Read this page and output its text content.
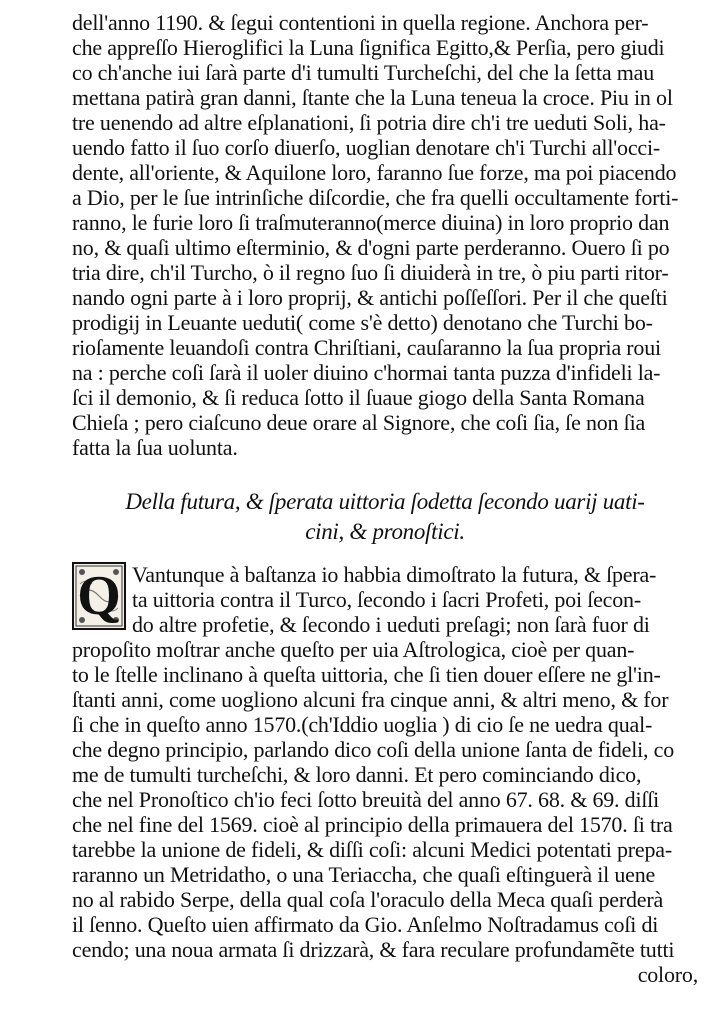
dell'anno 1190. & ſegui contentioni in quella regione. Anchora per-
che appreſſo Hieroglifici la Luna ſignifica Egitto,& Perſia, pero giudi
co ch'anche iui ſarà parte d'i tumulti Turcheſchi, del che la ſetta mau
mettana patirà gran danni, ſtante che la Luna teneua la croce. Piu in ol
tre uenendo ad altre eſplanationi, ſi potria dire ch'i tre ueduti Soli, ha-
uendo fatto il ſuo corſo diuerſo, uoglian denotare ch'i Turchi all'occi-
dente, all'oriente, & Aquilone loro, faranno ſue forze, ma poi piacendo
a Dio, per le ſue intrinſiche diſcordie, che fra quelli occultamente forti-
ranno, le furie loro ſi traſmuteranno(merce diuina) in loro proprio dan
no, & quaſi ultimo eſterminio, & d'ogni parte perderanno. Ouero ſi po
tria dire, ch'il Turcho, ò il regno ſuo ſi diuiderà in tre, ò piu parti ritor-
nando ogni parte à i loro proprij, & antichi poſſeſſori. Per il che queſti
prodigij in Leuante ueduti( come s'è detto) denotano che Turchi bo-
rioſamente leuandoſi contra Chriſtiani, cauſaranno la ſua propria roui
na : perche coſi ſarà il uoler diuino c'hormai tanta puzza d'infideli la-
ſci il demonio, & ſi reduca ſotto il ſuaue giogo della Santa Romana
Chieſa ; pero ciaſcuno deue orare al Signore, che coſi ſia, ſe non ſia
fatta la ſua uolunta.
Della futura, & ſperata uittoria ſodetta ſecondo uarij uati-
cini, & pronoſtici.
Q Vantunque à baſtanza io habbia dimoſtrato la futura, & ſpera-
ta uittoria contra il Turco, ſecondo i ſacri Profeti, poi ſecon-
do altre profetie, & ſecondo i ueduti preſagi; non ſarà fuor di
propoſito moſtrar anche queſto per uia Aſtrologica, cioè per quan-
to le ſtelle inclinano à queſta uittoria, che ſi tien douer eſſere ne gl'in-
ſtanti anni, come uogliono alcuni fra cinque anni, & altri meno, & for
ſi che in queſto anno 1570.(ch'Iddio uoglia ) di cio ſe ne uedra qual-
che degno principio, parlando dico coſi della unione ſanta de fideli, co
me de tumulti turcheſchi, & loro danni. Et pero cominciando dico,
che nel Pronoſtico ch'io feci ſotto breuità del anno 67. 68. & 69. diſſi
che nel fine del 1569. cioè al principio della primauera del 1570. ſi tra
tarebbe la unione de fideli, & diſſi coſi: alcuni Medici potentati prepa-
raranno un Metridatho, o una Teriaccha, che quaſi eſtinguerà il uene
no al rabido Serpe, della qual coſa l'oraculo della Meca quaſi perderà
il ſenno. Queſto uien affirmato da Gio. Anſelmo Noſtradamus coſi di
cendo; una noua armata ſi drizzarà, & fara reculare profundamẽte tutti
coloro,
